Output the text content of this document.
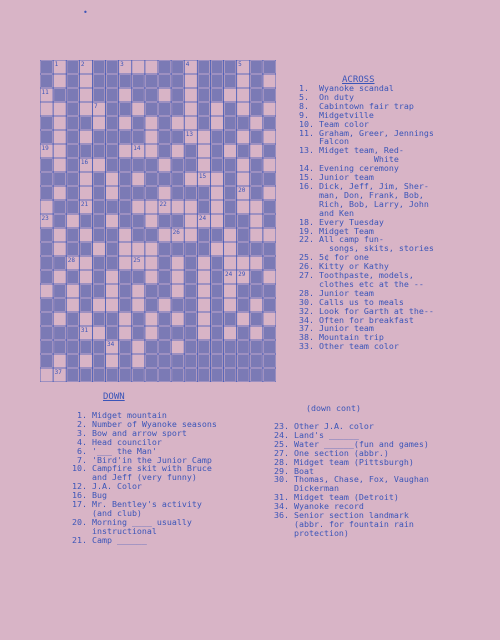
•
1	2	3	4	5
7
11
13
14
19
16
15
20
21	22
23	24
26
25
28
29
24
31
34
37
ACROSS
1.  Wyanoke scandal
5.  On duty
8.  Cabintown fair trap
9.  Midgetville
10. Team color
11. Graham, Greer, Jennings
Falcon
13. Midget team, Red-
White
14. Evening ceremony
15. Junior team
16. Dick, Jeff, Jim, Sher-
man, Don, Frank, Bob,
Rich, Bob, Larry, John
and Ken
18. Every Tuesday
19. Midget Team
22. All camp fun-
songs, skits, stories
25. 5¢ for one
26. Kitty or Kathy
27. Toothpaste, models,
clothes etc at the --
28. Junior team
30. Calls us to meals
32. Look for Garth at the--
34. Often for breakfast
37. Junior team
38. Mountain trip
33. Other team color
DOWN
1. Midget mountain
2. Number of Wyanoke seasons
3. Bow and arrow sport
4. Head councilor
6. '___ the Man'
7. 'Bird'in the Junior Camp
10. Campfire skit with Bruce
and Jeff (very funny)
12. J.A. Color
16. Bug
17. Mr. Bentley's activity
(and club)
20. Morning ____ usually
instructional
21. Camp ______
(down cont)
23. Other J.A. color
24. Land's ______
25. Water ______(fun and games)
27. One section (abbr.)
28. Midget team (Pittsburgh)
29. Boat
30. Thomas, Chase, Fox, Vaughan
Dickerman
31. Midget team (Detroit)
34. Wyanoke record
36. Senior section landmark
(abbr. for fountain rain
protection)
